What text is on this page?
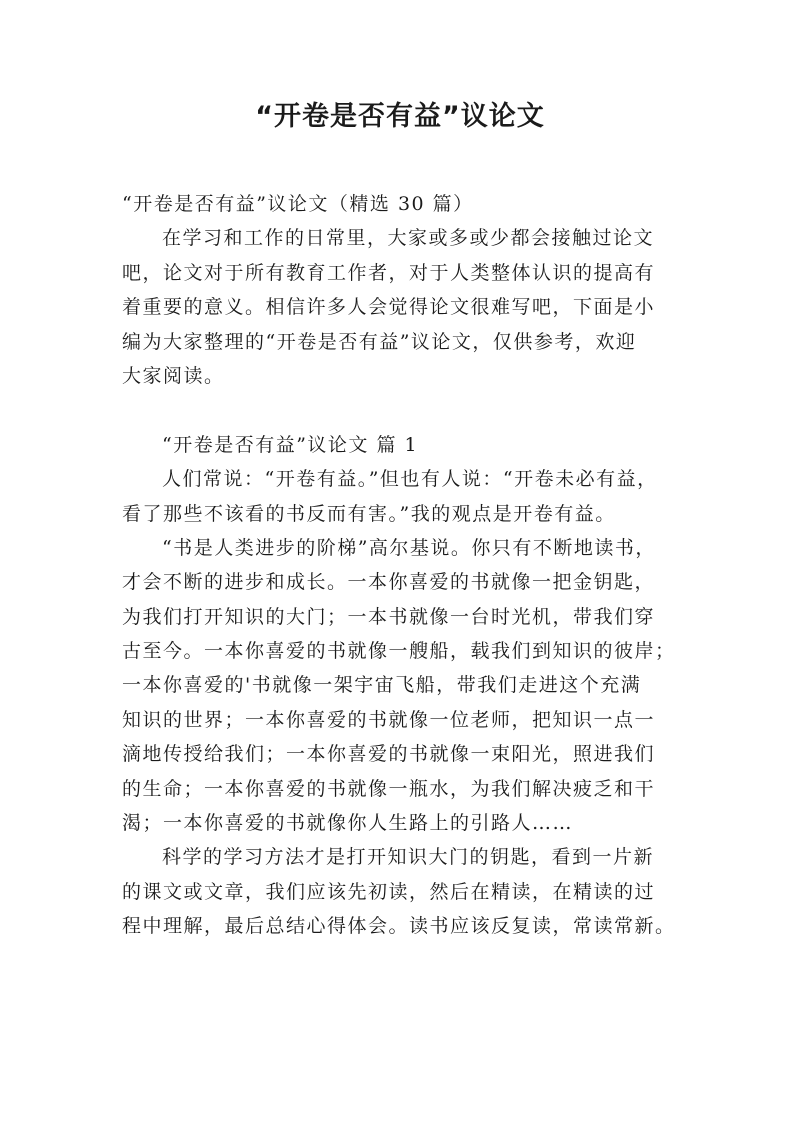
“开卷是否有益”议论文
“开卷是否有益”议论文（精选 30 篇）
在学习和工作的日常里，大家或多或少都会接触过论文
吧，论文对于所有教育工作者，对于人类整体认识的提高有
着重要的意义。相信许多人会觉得论文很难写吧，下面是小
编为大家整理的“开卷是否有益”议论文，仅供参考，欢迎
大家阅读。
“开卷是否有益”议论文 篇 1
人们常说：“开卷有益。”但也有人说：“开卷未必有益，
看了那些不该看的书反而有害。”我的观点是开卷有益。
“书是人类进步的阶梯”高尔基说。你只有不断地读书，
才会不断的进步和成长。一本你喜爱的书就像一把金钥匙，
为我们打开知识的大门；一本书就像一台时光机，带我们穿
古至今。一本你喜爱的书就像一艘船，载我们到知识的彼岸；
一本你喜爱的'书就像一架宇宙飞船，带我们走进这个充满
知识的世界；一本你喜爱的书就像一位老师，把知识一点一
滴地传授给我们；一本你喜爱的书就像一束阳光，照进我们
的生命；一本你喜爱的书就像一瓶水，为我们解决疲乏和干
渴；一本你喜爱的书就像你人生路上的引路人……
科学的学习方法才是打开知识大门的钥匙，看到一片新
的课文或文章，我们应该先初读，然后在精读，在精读的过
程中理解，最后总结心得体会。读书应该反复读，常读常新。
